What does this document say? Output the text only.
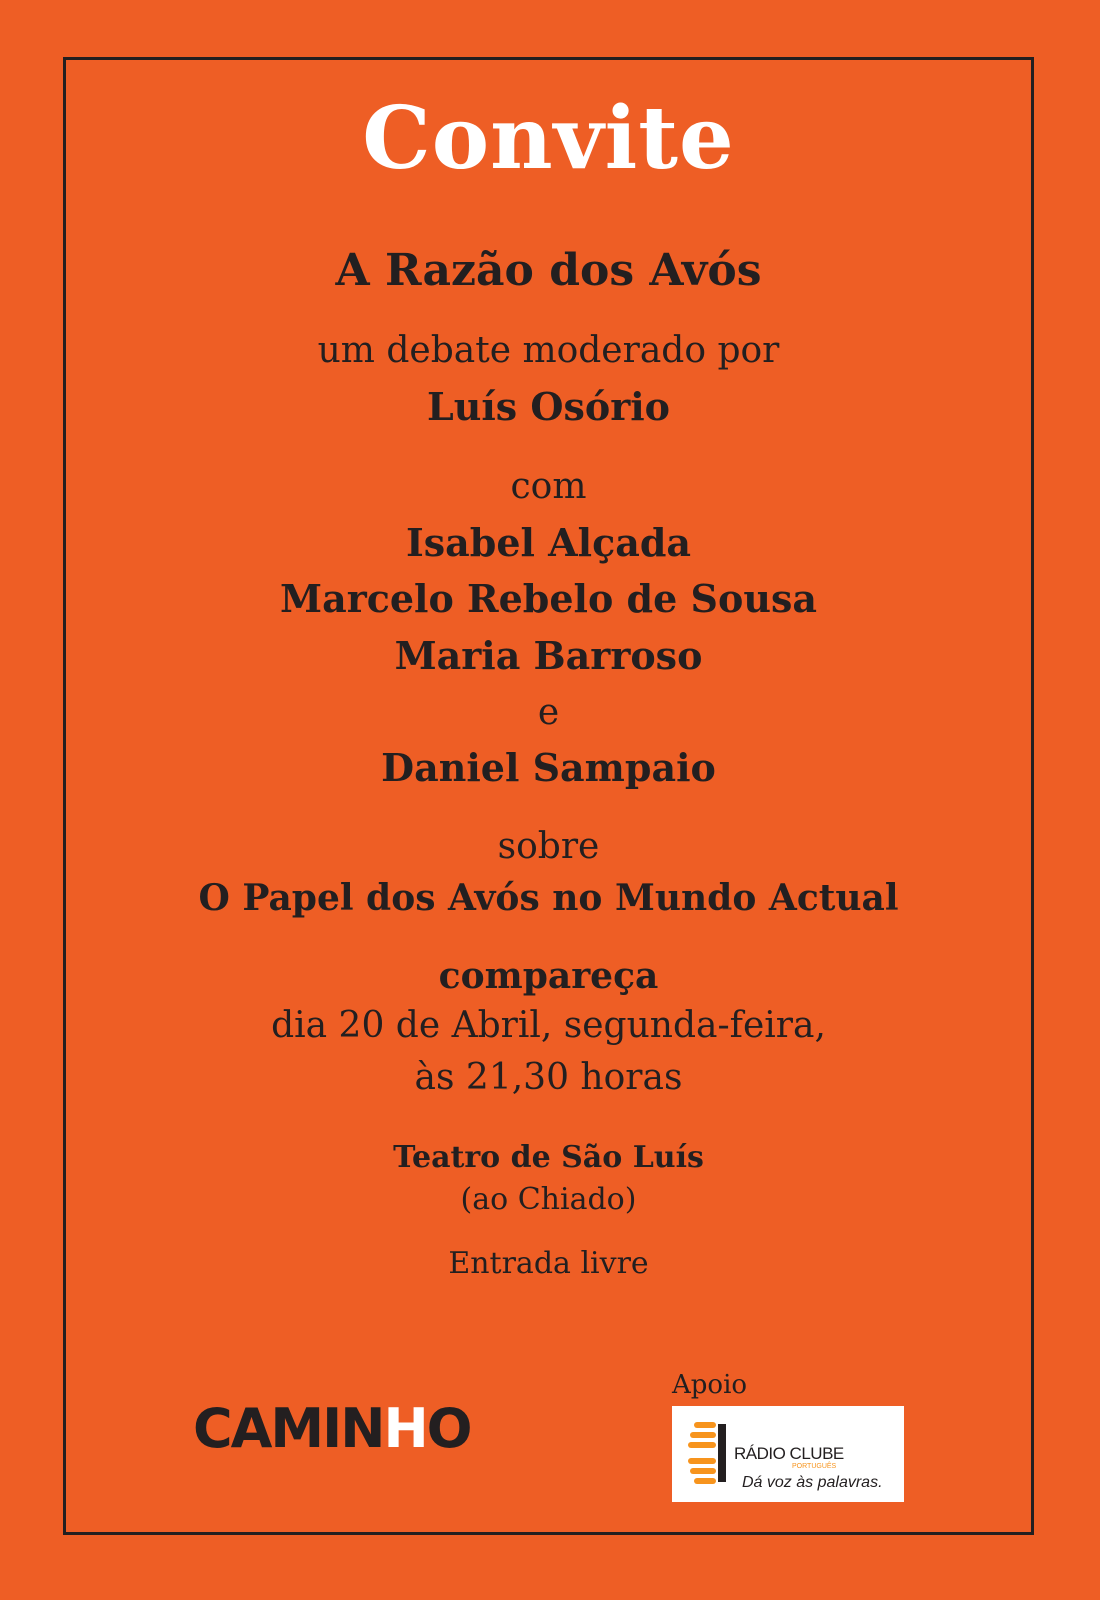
Convite
A Razão dos Avós
um debate moderado por
Luís Osório
com
Isabel Alçada
Marcelo Rebelo de Sousa
Maria Barroso
e
Daniel Sampaio
sobre
O Papel dos Avós no Mundo Actual
compareça
dia 20 de Abril, segunda-feira,
às 21,30 horas
Teatro de São Luís
(ao Chiado)
Entrada livre
CAMINHO
Apoio
RÁDIO CLUBE
PORTUGUÊS
Dá voz às palavras.
